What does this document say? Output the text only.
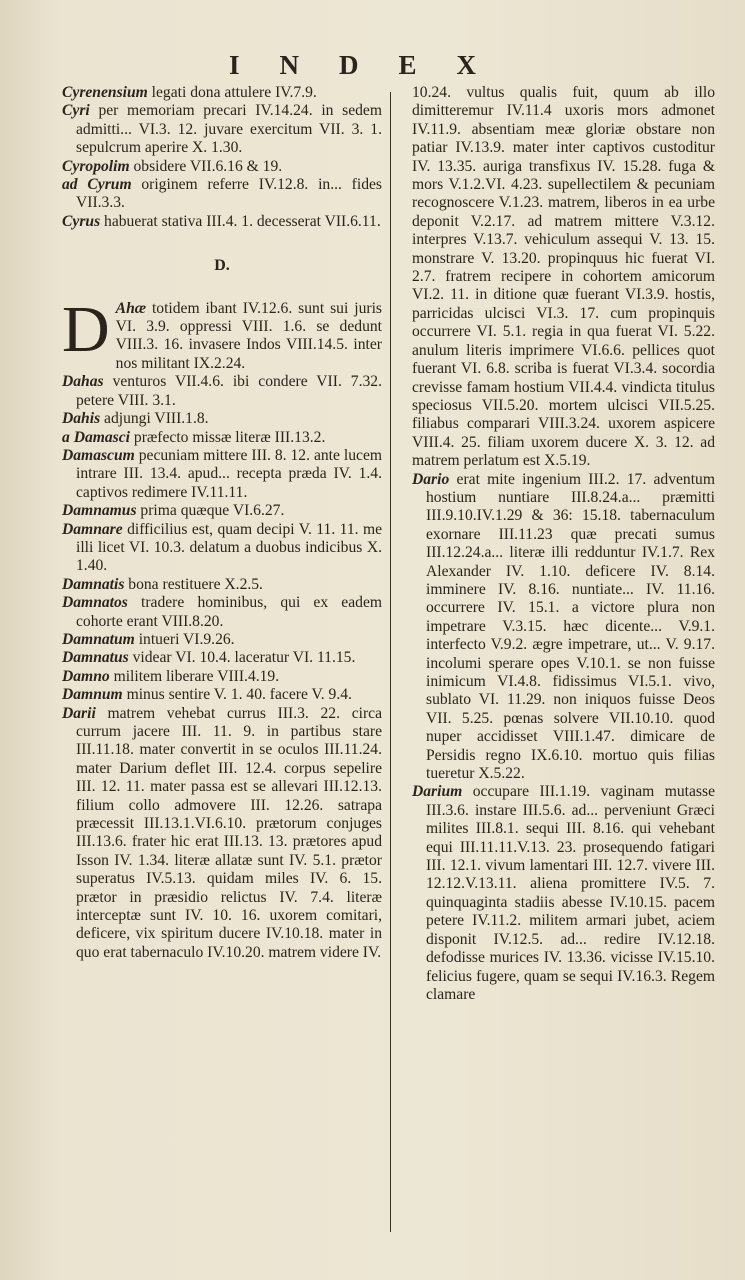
INDEX

Cyrenensium legati dona attulere IV.7.9.

Cyri per memoriam precari IV.14.24. in sedem admitti... VI.3. 12. juvare exercitum VII. 3. 1. sepulcrum aperire X. 1.30.

Cyropolim obsidere VII.6.16 & 19.

ad Cyrum originem referre IV.12.8. in... fides VII.3.3.

Cyrus habuerat stativa III.4. 1. decesserat VII.6.11.

D.

D Ahæ totidem ibant IV.12.6. sunt sui juris VI. 3.9. oppressi VIII. 1.6. se dedunt VIII.3. 16. invasere Indos VIII.14.5. inter nos militant IX.2.24.

Dahas venturos VII.4.6. ibi condere VII. 7.32. petere VIII. 3.1.

Dahis adjungi VIII.1.8.

a Damasci præfecto missæ literæ III.13.2.

Damascum pecuniam mittere III. 8. 12. ante lucem intrare III. 13.4. apud... recepta præda IV. 1.4. captivos redimere IV.11.11.

Damnamus prima quæque VI.6.27.

Damnare difficilius est, quam decipi V. 11. 11. me illi licet VI. 10.3. delatum a duobus indicibus X. 1.40.

Damnatis bona restituere X.2.5.

Damnatos tradere hominibus, qui ex eadem cohorte erant VIII.8.20.

Damnatum intueri VI.9.26.

Damnatus videar VI. 10.4. laceratur VI. 11.15.

Damno militem liberare VIII.4.19.

Damnum minus sentire V. 1. 40. facere V. 9.4.

Darii matrem vehebat currus III.3. 22. circa currum jacere III. 11. 9. in partibus stare III.11.18. mater convertit in se oculos III.11.24. mater Darium deflet III. 12.4. corpus sepelire III. 12. 11. mater passa est se allevari III.12.13. filium collo admovere III. 12.26. satrapa præcessit III.13.1.VI.6.10. prætorum conjuges III.13.6. frater hic erat III.13. 13. prætores apud Isson IV. 1.34. literæ allatæ sunt IV. 5.1. prætor superatus IV.5.13. quidam miles IV. 6. 15. prætor in præsidio relictus IV. 7.4. literæ interceptæ sunt IV. 10. 16. uxorem comitari, deficere, vix spiritum ducere IV.10.18. mater in quo erat tabernaculo IV.10.20. matrem videre IV.

10.24. vultus qualis fuit, quum ab illo dimitteremur IV.11.4 uxoris mors admonet IV.11.9. absentiam meæ gloriæ obstare non patiar IV.13.9. mater inter captivos custoditur IV. 13.35. auriga transfixus IV. 15.28. fuga & mors V.1.2.VI. 4.23. supellectilem & pecuniam recognoscere V.1.23. matrem, liberos in ea urbe deponit V.2.17. ad matrem mittere V.3.12. interpres V.13.7. vehiculum assequi V. 13. 15. monstrare V. 13.20. propinquus hic fuerat VI. 2.7. fratrem recipere in cohortem amicorum VI.2. 11. in ditione quæ fuerant VI.3.9. hostis, parricidas ulcisci VI.3. 17. cum propinquis occurrere VI. 5.1. regia in qua fuerat VI. 5.22. anulum literis imprimere VI.6.6. pellices quot fuerant VI. 6.8. scriba is fuerat VI.3.4. socordia crevisse famam hostium VII.4.4. vindicta titulus speciosus VII.5.20. mortem ulcisci VII.5.25. filiabus comparari VIII.3.24. uxorem aspicere VIII.4. 25. filiam uxorem ducere X. 3. 12. ad matrem perlatum est X.5.19.

Dario erat mite ingenium III.2. 17. adventum hostium nuntiare III.8.24.a... præmitti III.9.10.IV.1.29 & 36: 15.18. tabernaculum exornare III.11.23 quæ precati sumus III.12.24.a... literæ illi redduntur IV.1.7. Rex Alexander IV. 1.10. deficere IV. 8.14. imminere IV. 8.16. nuntiate... IV. 11.16. occurrere IV. 15.1. a victore plura non impetrare V.3.15. hæc dicente... V.9.1. interfecto V.9.2. ægre impetrare, ut... V. 9.17. incolumi sperare opes V.10.1. se non fuisse inimicum VI.4.8. fidissimus VI.5.1. vivo, sublato VI. 11.29. non iniquos fuisse Deos VII. 5.25. pœnas solvere VII.10.10. quod nuper accidisset VIII.1.47. dimicare de Persidis regno IX.6.10. mortuo quis filias tueretur X.5.22.

Darium occupare III.1.19. vaginam mutasse III.3.6. instare III.5.6. ad... perveniunt Græci milites III.8.1. sequi III. 8.16. qui vehebant equi III.11.11.V.13. 23. prosequendo fatigari III. 12.1. vivum lamentari III. 12.7. vivere III. 12.12.V.13.11. aliena promittere IV.5. 7. quinquaginta stadiis abesse IV.10.15. pacem petere IV.11.2. militem armari jubet, aciem disponit IV.12.5. ad... redire IV.12.18. defodisse murices IV. 13.36. vicisse IV.15.10. felicius fugere, quam se sequi IV.16.3. Regem clamare
